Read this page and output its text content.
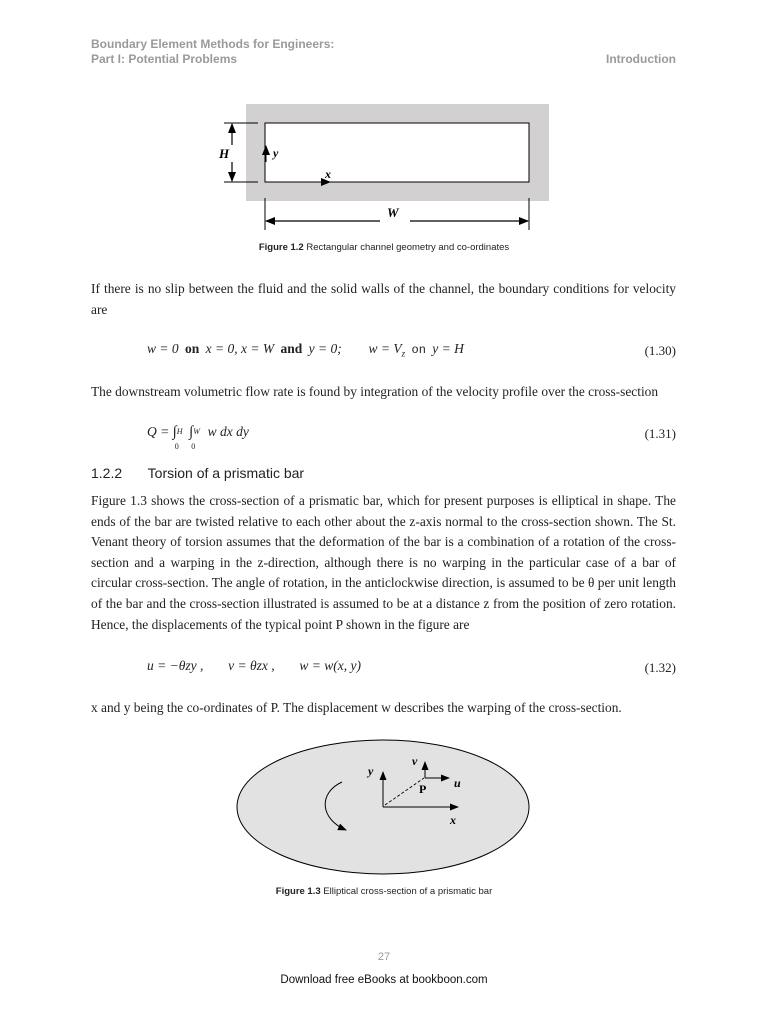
Boundary Element Methods for Engineers:
Part I: Potential Problems	Introduction
H	y
x
W
Figure 1.2 Rectangular channel geometry and co-ordinates
If there is no slip between the fluid and the solid walls of the channel, the boundary conditions for velocity are
w = 0 on x = 0, x = W and y = 0; $w = V_z$ on y = H	(1.30)
The downstream volumetric flow rate is found by integration of the velocity profile over the cross-section
Q = ∫ H
0
∫ W
0
w dx dy	(1.31)
1.2.2 Torsion of a prismatic bar
Figure 1.3 shows the cross-section of a prismatic bar, which for present purposes is elliptical in shape. The ends of the bar are twisted relative to each other about the z-axis normal to the cross-section shown. The St. Venant theory of torsion assumes that the deformation of the bar is a combination of a rotation of the cross-section and a warping in the z-direction, although there is no warping in the particular case of a bar of circular cross-section. The angle of rotation, in the anticlockwise direction, is assumed to be θ per unit length of the bar and the cross-section illustrated is assumed to be at a distance z from the position of zero rotation. Hence, the displacements of the typical point P shown in the figure are
u = −θzy , v = θzx , w = w(x, y)	(1.32)
x and y being the co-ordinates of P. The displacement w describes the warping of the cross-section.
y
x
v
u
P
Figure 1.3 Elliptical cross-section of a prismatic bar
27
Download free eBooks at bookboon.com
